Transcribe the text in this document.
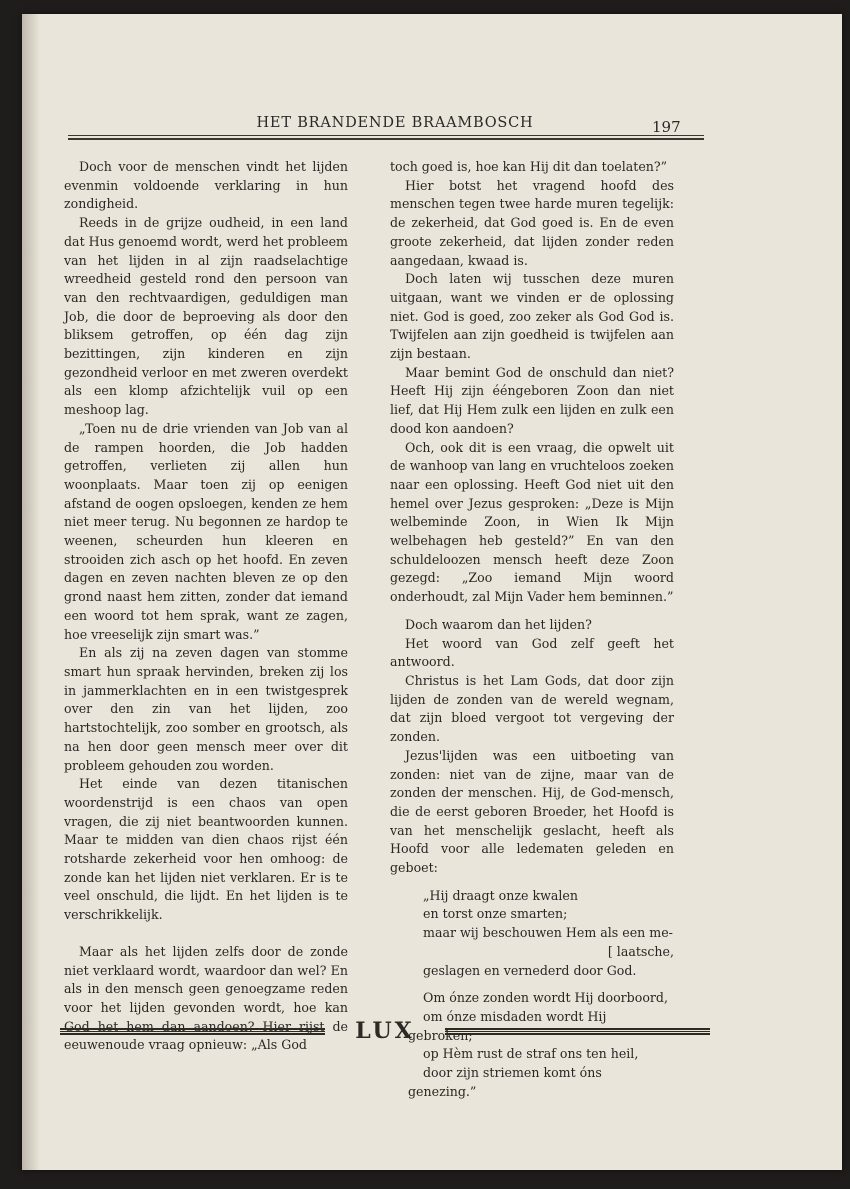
HET BRANDENDE BRAAMBOSCH	197

Doch voor de menschen vindt het lijden evenmin voldoende verklaring in hun zondigheid.

Reeds in de grijze oudheid, in een land dat Hus genoemd wordt, werd het probleem van het lijden in al zijn raadselachtige wreedheid gesteld rond den persoon van van den rechtvaardigen, geduldigen man Job, die door de beproeving als door den bliksem getroffen, op één dag zijn bezittingen, zijn kinderen en zijn gezondheid verloor en met zweren overdekt als een klomp afzichtelijk vuil op een meshoop lag.

„Toen nu de drie vrienden van Job van al de rampen hoorden, die Job hadden getroffen, verlieten zij allen hun woonplaats. Maar toen zij op eenigen afstand de oogen opsloegen, kenden ze hem niet meer terug. Nu begonnen ze hardop te weenen, scheurden hun kleeren en strooiden zich asch op het hoofd. En zeven dagen en zeven nachten bleven ze op den grond naast hem zitten, zonder dat iemand een woord tot hem sprak, want ze zagen, hoe vreeselijk zijn smart was.”

En als zij na zeven dagen van stomme smart hun spraak hervinden, breken zij los in jammerklachten en in een twistgesprek over den zin van het lijden, zoo hartstochtelijk, zoo somber en grootsch, als na hen door geen mensch meer over dit probleem gehouden zou worden.

Het einde van dezen titanischen woordenstrijd is een chaos van open vragen, die zij niet beantwoorden kunnen. Maar te midden van dien chaos rijst één rotsharde zekerheid voor hen omhoog: de zonde kan het lijden niet verklaren. Er is te veel onschuld, die lijdt. En het lijden is te verschrikkelijk.

Maar als het lijden zelfs door de zonde niet verklaard wordt, waardoor dan wel? En als in den mensch geen genoegzame reden voor het lijden gevonden wordt, hoe kan God het hem dan aandoen? Hier rijst de eeuwenoude vraag opnieuw: „Als God

toch goed is, hoe kan Hij dit dan toelaten?”

Hier botst het vragend hoofd des menschen tegen twee harde muren tegelijk: de zekerheid, dat God goed is. En de even groote zekerheid, dat lijden zonder reden aangedaan, kwaad is.

Doch laten wij tusschen deze muren uitgaan, want we vinden er de oplossing niet. God is goed, zoo zeker als God God is. Twijfelen aan zijn goedheid is twijfelen aan zijn bestaan.

Maar bemint God de onschuld dan niet? Heeft Hij zijn ééngeboren Zoon dan niet lief, dat Hij Hem zulk een lijden en zulk een dood kon aandoen?

Och, ook dit is een vraag, die opwelt uit de wanhoop van lang en vruchteloos zoeken naar een oplossing. Heeft God niet uit den hemel over Jezus gesproken: „Deze is Mijn welbeminde Zoon, in Wien Ik Mijn welbehagen heb gesteld?” En van den schuldeloozen mensch heeft deze Zoon gezegd: „Zoo iemand Mijn woord onderhoudt, zal Mijn Vader hem beminnen.”

Doch waarom dan het lijden?

Het woord van God zelf geeft het antwoord.

Christus is het Lam Gods, dat door zijn lijden de zonden van de wereld wegnam, dat zijn bloed vergoot tot vergeving der zonden.

Jezus'lijden was een uitboeting van zonden: niet van de zijne, maar van de zonden der menschen. Hij, de God-mensch, die de eerst geboren Broeder, het Hoofd is van het menschelijk geslacht, heeft als Hoofd voor alle ledematen geleden en geboet:

„Hij draagt onze kwalen

en torst onze smarten;

maar wij beschouwen Hem als een me-

[ laatsche,

geslagen en vernederd door God.

Om ónze zonden wordt Hij doorboord,

om ónze misdaden wordt Hij gebroken;

op Hèm rust de straf ons ten heil,

door zijn striemen komt óns genezing.”

LUX
